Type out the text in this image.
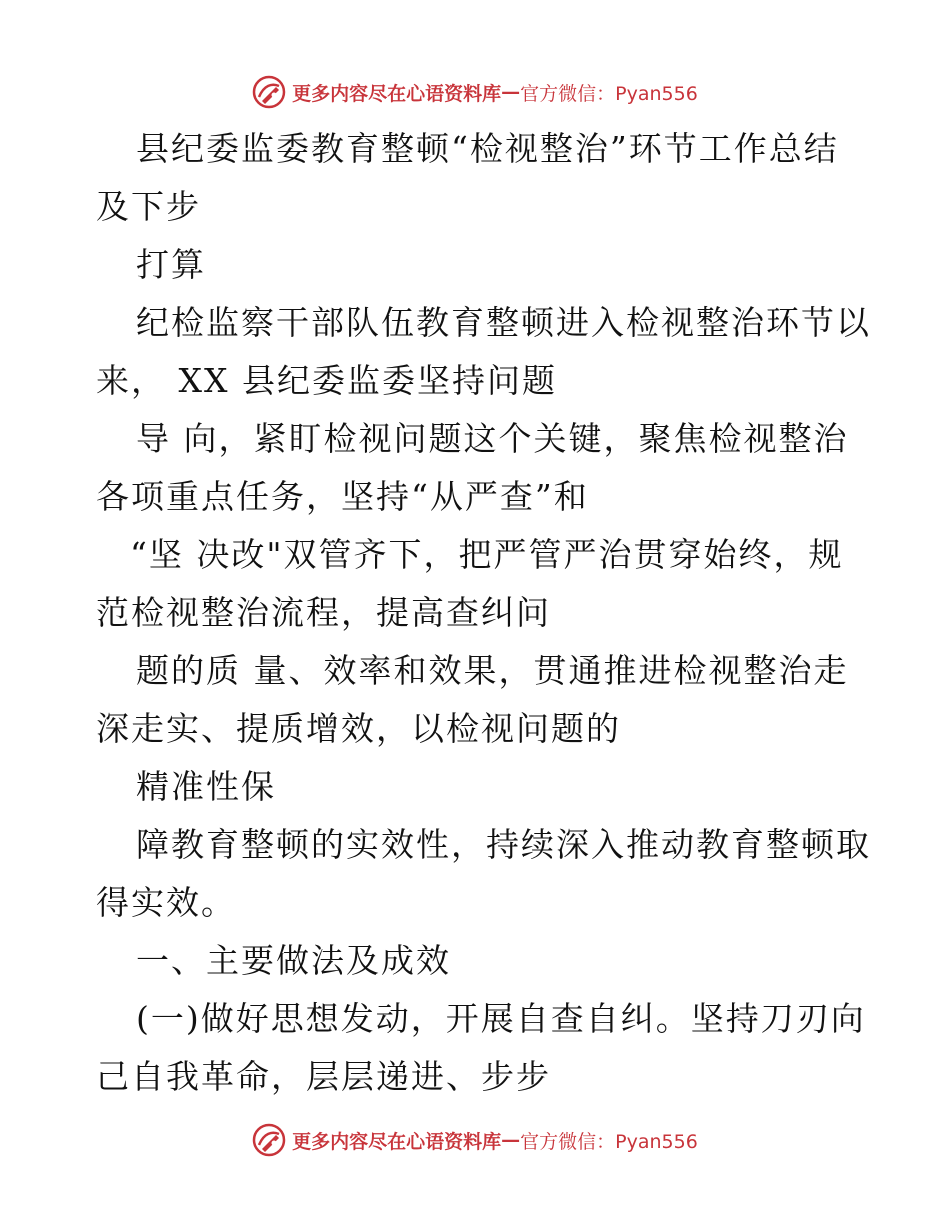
更多内容尽在心语资料库 — 官方微信：Pyan556
县纪委监委教育整顿“检视整治”环节工作总结
及下步
打算
纪检监察干部队伍教育整顿进入检视整治环节以
来， XX 县纪委监委坚持问题
导 向，紧盯检视问题这个关键，聚焦检视整治
各项重点任务，坚持“从严查”和
“坚 决改"双管齐下，把严管严治贯穿始终，规
范检视整治流程，提高查纠问
题的质 量、效率和效果，贯通推进检视整治走
深走实、提质增效，以检视问题的
精准性保
障教育整顿的实效性，持续深入推动教育整顿取
得实效。
一、主要做法及成效
(一)做好思想发动，开展自查自纠。坚持刀刃向
己自我革命，层层递进、步步
更多内容尽在心语资料库 — 官方微信：Pyan556
